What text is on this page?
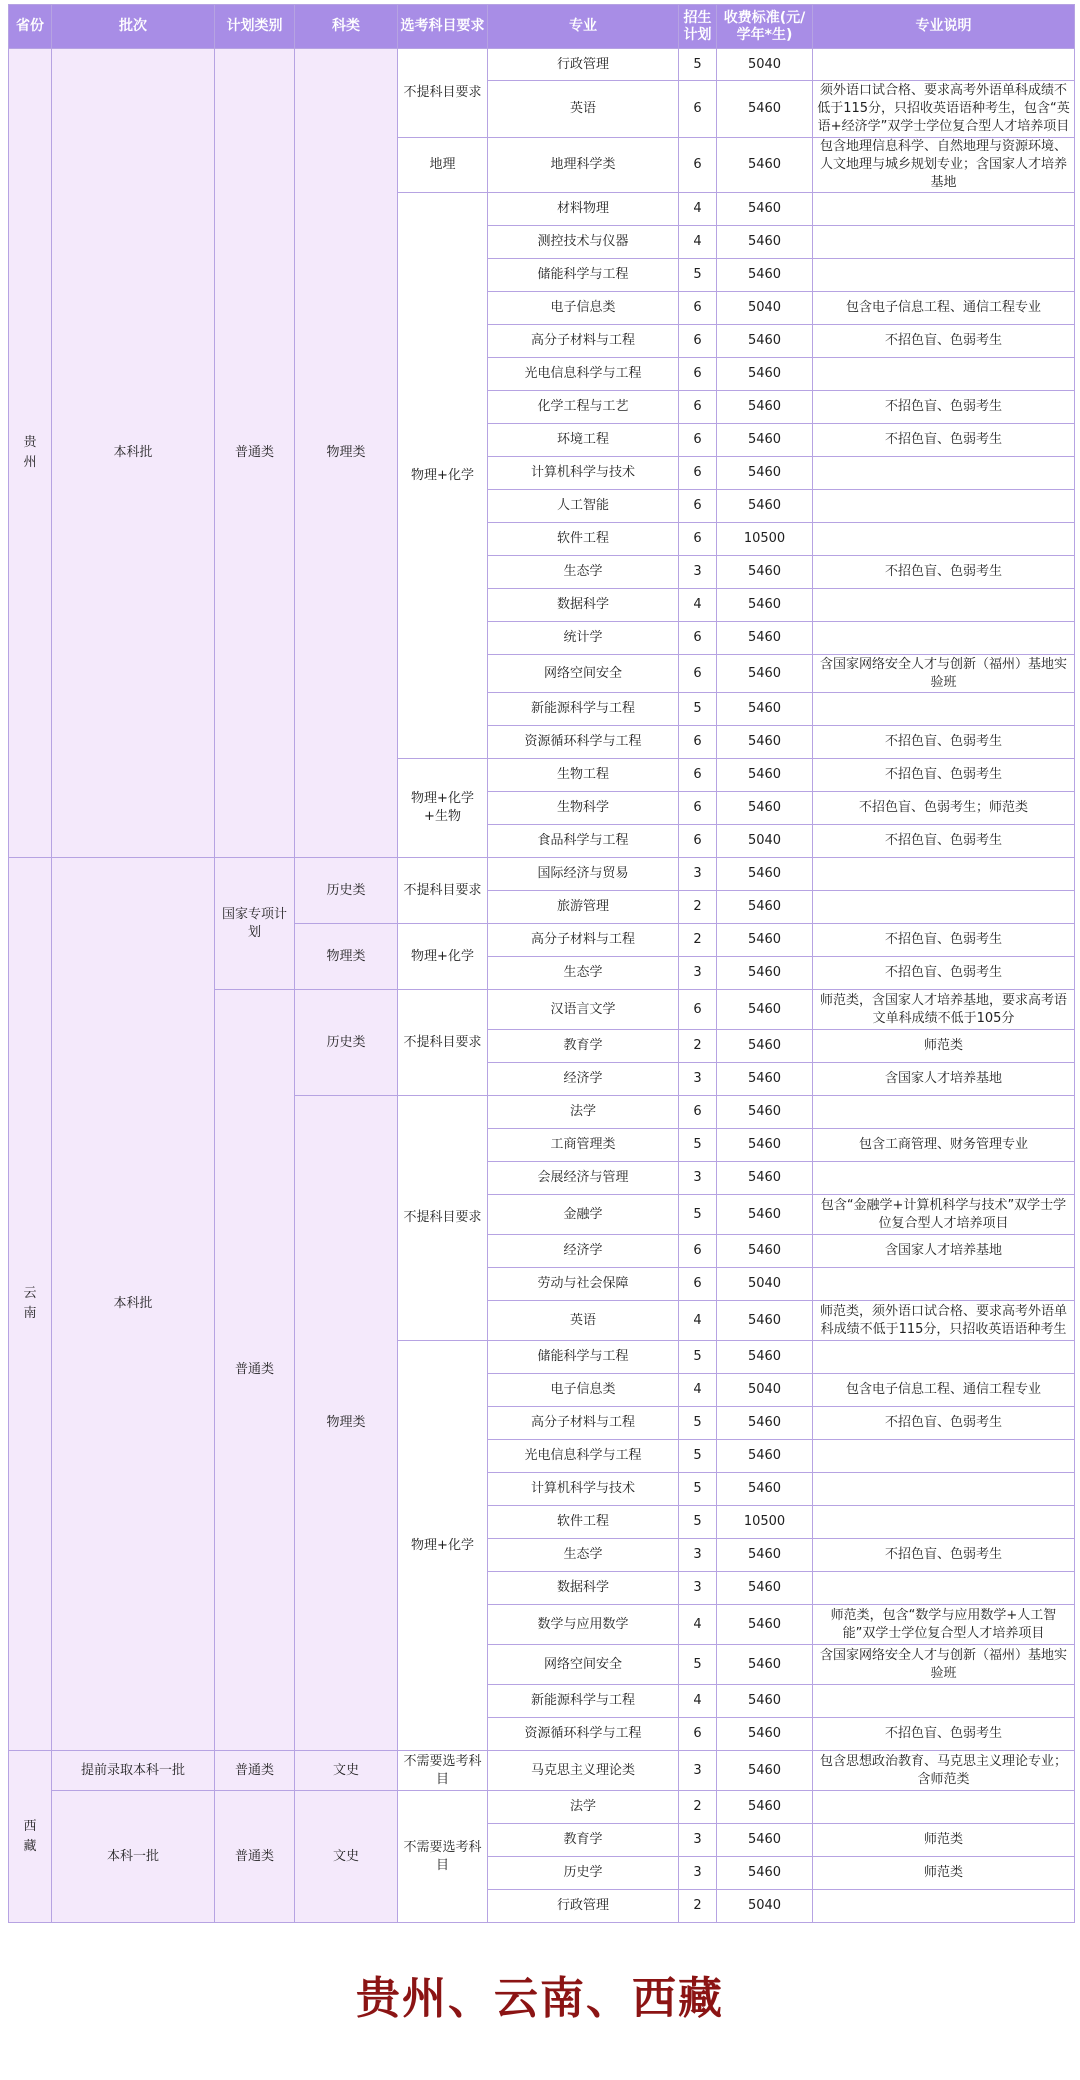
省份	批次	计划类别	科类	选考科目要求	专业	招生计划	收费标准(元/学年*生)	专业说明
贵州	本科批	普通类	物理类	不提科目要求	行政管理	5	5040	
					英语	6	5460	须外语口试合格、要求高考外语单科成绩不低于115分，只招收英语语种考生，包含“英语+经济学”双学士学位复合型人才培养项目
				地理	地理科学类	6	5460	包含地理信息科学、自然地理与资源环境、人文地理与城乡规划专业；含国家人才培养基地
				物理+化学	材料物理	4	5460	
					测控技术与仪器	4	5460	
					储能科学与工程	5	5460	
					电子信息类	6	5040	包含电子信息工程、通信工程专业
					高分子材料与工程	6	5460	不招色盲、色弱考生
					光电信息科学与工程	6	5460	
					化学工程与工艺	6	5460	不招色盲、色弱考生
					环境工程	6	5460	不招色盲、色弱考生
					计算机科学与技术	6	5460	
					人工智能	6	5460	
					软件工程	6	10500	
					生态学	3	5460	不招色盲、色弱考生
					数据科学	4	5460	
					统计学	6	5460	
					网络空间安全	6	5460	含国家网络安全人才与创新（福州）基地实验班
					新能源科学与工程	5	5460	
					资源循环科学与工程	6	5460	不招色盲、色弱考生
				物理+化学+生物	生物工程	6	5460	不招色盲、色弱考生
					生物科学	6	5460	不招色盲、色弱考生；师范类
					食品科学与工程	6	5040	不招色盲、色弱考生
云南	本科批	国家专项计划	历史类	不提科目要求	国际经济与贸易	3	5460	
					旅游管理	2	5460	
			物理类	物理+化学	高分子材料与工程	2	5460	不招色盲、色弱考生
					生态学	3	5460	不招色盲、色弱考生
		普通类	历史类	不提科目要求	汉语言文学	6	5460	师范类，含国家人才培养基地，要求高考语文单科成绩不低于105分
					教育学	2	5460	师范类
					经济学	3	5460	含国家人才培养基地
			物理类	不提科目要求	法学	6	5460	
					工商管理类	5	5460	包含工商管理、财务管理专业
					会展经济与管理	3	5460	
					金融学	5	5460	包含“金融学+计算机科学与技术”双学士学位复合型人才培养项目
					经济学	6	5460	含国家人才培养基地
					劳动与社会保障	6	5040	
					英语	4	5460	师范类，须外语口试合格、要求高考外语单科成绩不低于115分，只招收英语语种考生
				物理+化学	储能科学与工程	5	5460	
					电子信息类	4	5040	包含电子信息工程、通信工程专业
					高分子材料与工程	5	5460	不招色盲、色弱考生
					光电信息科学与工程	5	5460	
					计算机科学与技术	5	5460	
					软件工程	5	10500	
					生态学	3	5460	不招色盲、色弱考生
					数据科学	3	5460	
					数学与应用数学	4	5460	师范类，包含“数学与应用数学+人工智能”双学士学位复合型人才培养项目
					网络空间安全	5	5460	含国家网络安全人才与创新（福州）基地实验班
					新能源科学与工程	4	5460	
					资源循环科学与工程	6	5460	不招色盲、色弱考生
西藏	提前录取本科一批	普通类	文史	不需要选考科目	马克思主义理论类	3	5460	包含思想政治教育、马克思主义理论专业；含师范类
	本科一批	普通类	文史	不需要选考科目	法学	2	5460	
					教育学	3	5460	师范类
					历史学	3	5460	师范类
					行政管理	2	5040	
贵州、云南、西藏
